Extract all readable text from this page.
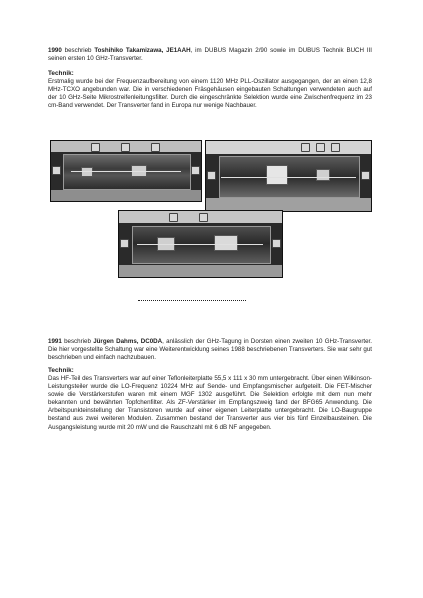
1990 beschrieb Toshihiko Takamizawa, JE1AAH, im DUBUS Magazin 2/90 sowie im DUBUS Technik BUCH III seinen ersten 10 GHz-Transverter.

Technik:

Erstmalig wurde bei der Frequenzaufbereitung von einem 1120 MHz PLL-Oszillator ausgegangen, der an einen 12,8 MHz-TCXO angebunden war. Die in verschiedenen Fräsgehäusen eingebauten Schaltungen verwendeten auch auf der 10 GHz-Seite Mikrostreifenleitungsfilter. Durch die eingeschränkte Selektion wurde eine Zwischenfrequenz im 23 cm-Band verwendet. Der Transverter fand in Europa nur wenige Nachbauer.

1991 beschrieb Jürgen Dahms, DC0DA, anlässlich der GHz-Tagung in Dorsten einen zweiten 10 GHz-Transverter. Die hier vorgestellte Schaltung war eine Weiterentwicklung seines 1988 beschriebenen Transverters. Sie war sehr gut beschrieben und einfach nachzubauen.

Technik:

Das HF-Teil des Transverters war auf einer Teflonleiterplatte 55,5 x 111 x 30 mm untergebracht. Über einen Wilkinson-Leistungsteiler wurde die LO-Frequenz 10224 MHz auf Sende- und Empfangsmischer aufgeteilt. Die FET-Mischer sowie die Verstärkerstufen waren mit einem MGF 1302 ausgeführt. Die Selektion erfolgte mit dem nun mehr bekannten und bewährten Topfchenfilter. Als ZF-Verstärker im Empfangszweig fand der BFG65 Anwendung. Die Arbeitspunkteinstellung der Transistoren wurde auf einer eigenen Leiterplatte untergebracht. Die LO-Baugruppe bestand aus zwei weiteren Modulen. Zusammen bestand der Transverter aus vier bis fünf Einzelbausteinen. Die Ausgangsleistung wurde mit 20 mW und die Rauschzahl mit 6 dB NF angegeben.
